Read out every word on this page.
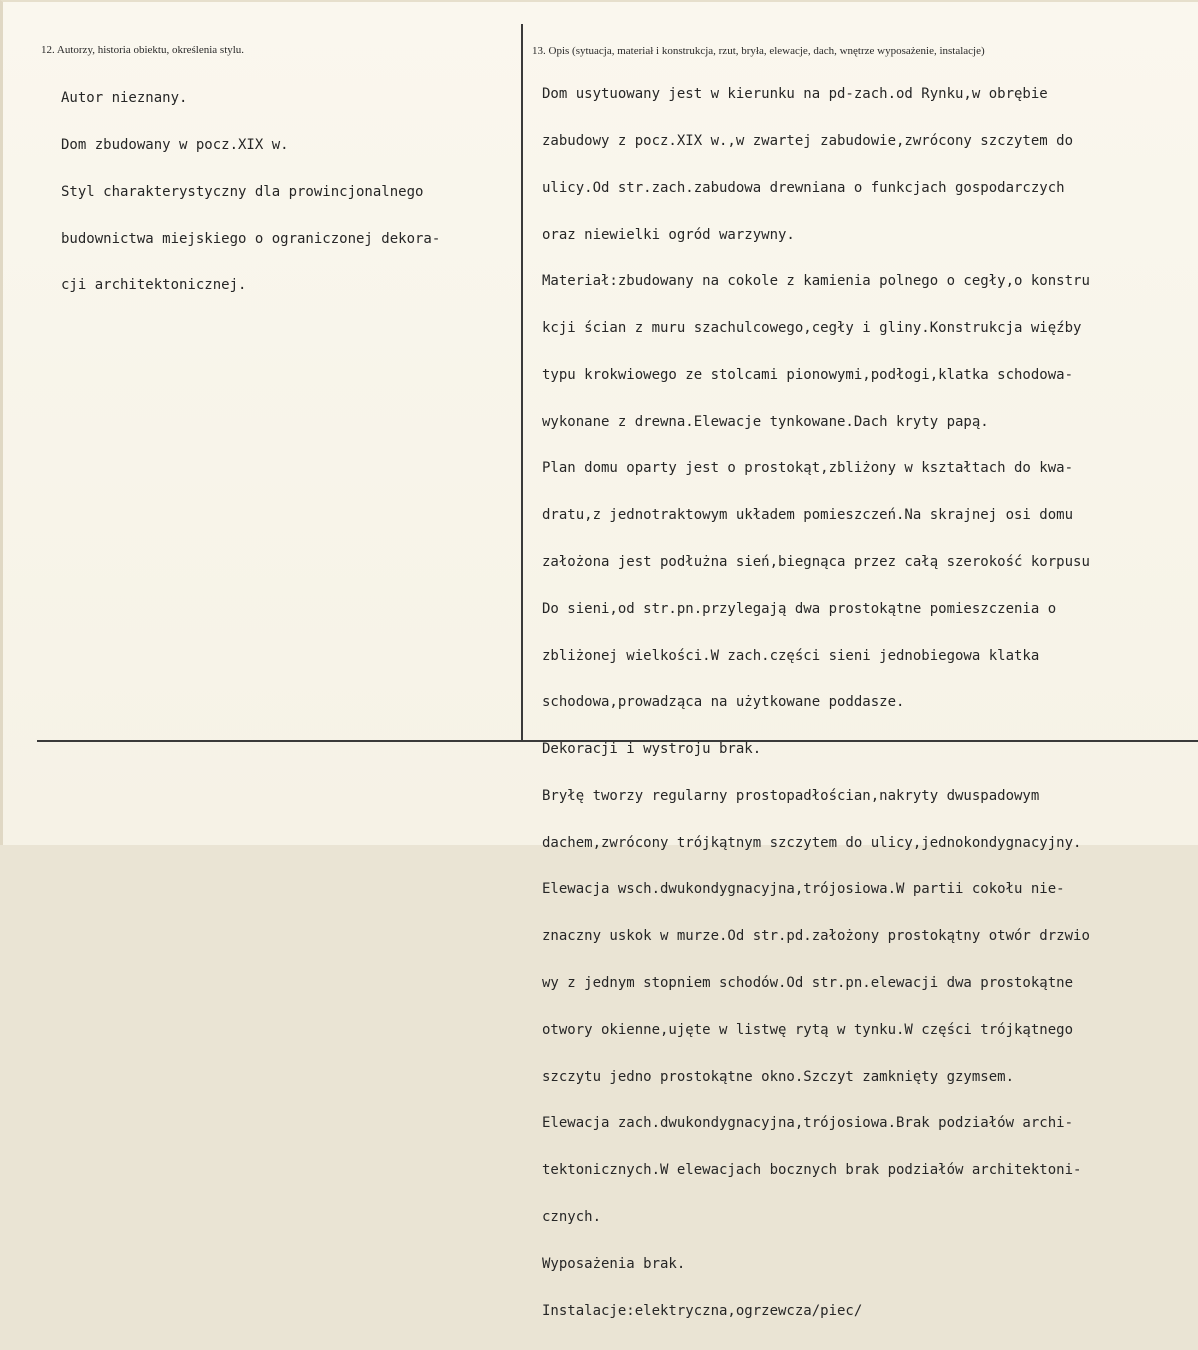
12. Autorzy, historia obiektu, określenia stylu.

Autor nieznany.

Dom zbudowany w pocz.XIX w.

Styl charakterystyczny dla prowincjonalnego

budownictwa miejskiego o ograniczonej dekora-

cji architektonicznej.

13. Opis (sytuacja, materiał i konstrukcja, rzut, bryła, elewacje, dach, wnętrze wyposażenie, instalacje)

Dom usytuowany jest w kierunku na pd-zach.od Rynku,w obrębie

zabudowy z pocz.XIX w.,w zwartej zabudowie,zwrócony szczytem do

ulicy.Od str.zach.zabudowa drewniana o funkcjach gospodarczych

oraz niewielki ogród warzywny.

Materiał:zbudowany na cokole z kamienia polnego o cegły,o konstru

kcji ścian z muru szachulcowego,cegły i gliny.Konstrukcja więźby

typu krokwiowego ze stolcami pionowymi,podłogi,klatka schodowa-

wykonane z drewna.Elewacje tynkowane.Dach kryty papą.

Plan domu oparty jest o prostokąt,zbliżony w kształtach do kwa-

dratu,z jednotraktowym układem pomieszczeń.Na skrajnej osi domu

założona jest podłużna sień,biegnąca przez całą szerokość korpusu

Do sieni,od str.pn.przylegają dwa prostokątne pomieszczenia o

zbliżonej wielkości.W zach.części sieni jednobiegowa klatka

schodowa,prowadząca na użytkowane poddasze.

Dekoracji i wystroju brak.

Bryłę tworzy regularny prostopadłościan,nakryty dwuspadowym

dachem,zwrócony trójkątnym szczytem do ulicy,jednokondygnacyjny.

Elewacja wsch.dwukondygnacyjna,trójosiowa.W partii cokołu nie-

znaczny uskok w murze.Od str.pd.założony prostokątny otwór drzwio

wy z jednym stopniem schodów.Od str.pn.elewacji dwa prostokątne

otwory okienne,ujęte w listwę rytą w tynku.W części trójkątnego

szczytu jedno prostokątne okno.Szczyt zamknięty gzymsem.

Elewacja zach.dwukondygnacyjna,trójosiowa.Brak podziałów archi-

tektonicznych.W elewacjach bocznych brak podziałów architektoni-

cznych.

Wyposażenia brak.

Instalacje:elektryczna,ogrzewcza/piec/
